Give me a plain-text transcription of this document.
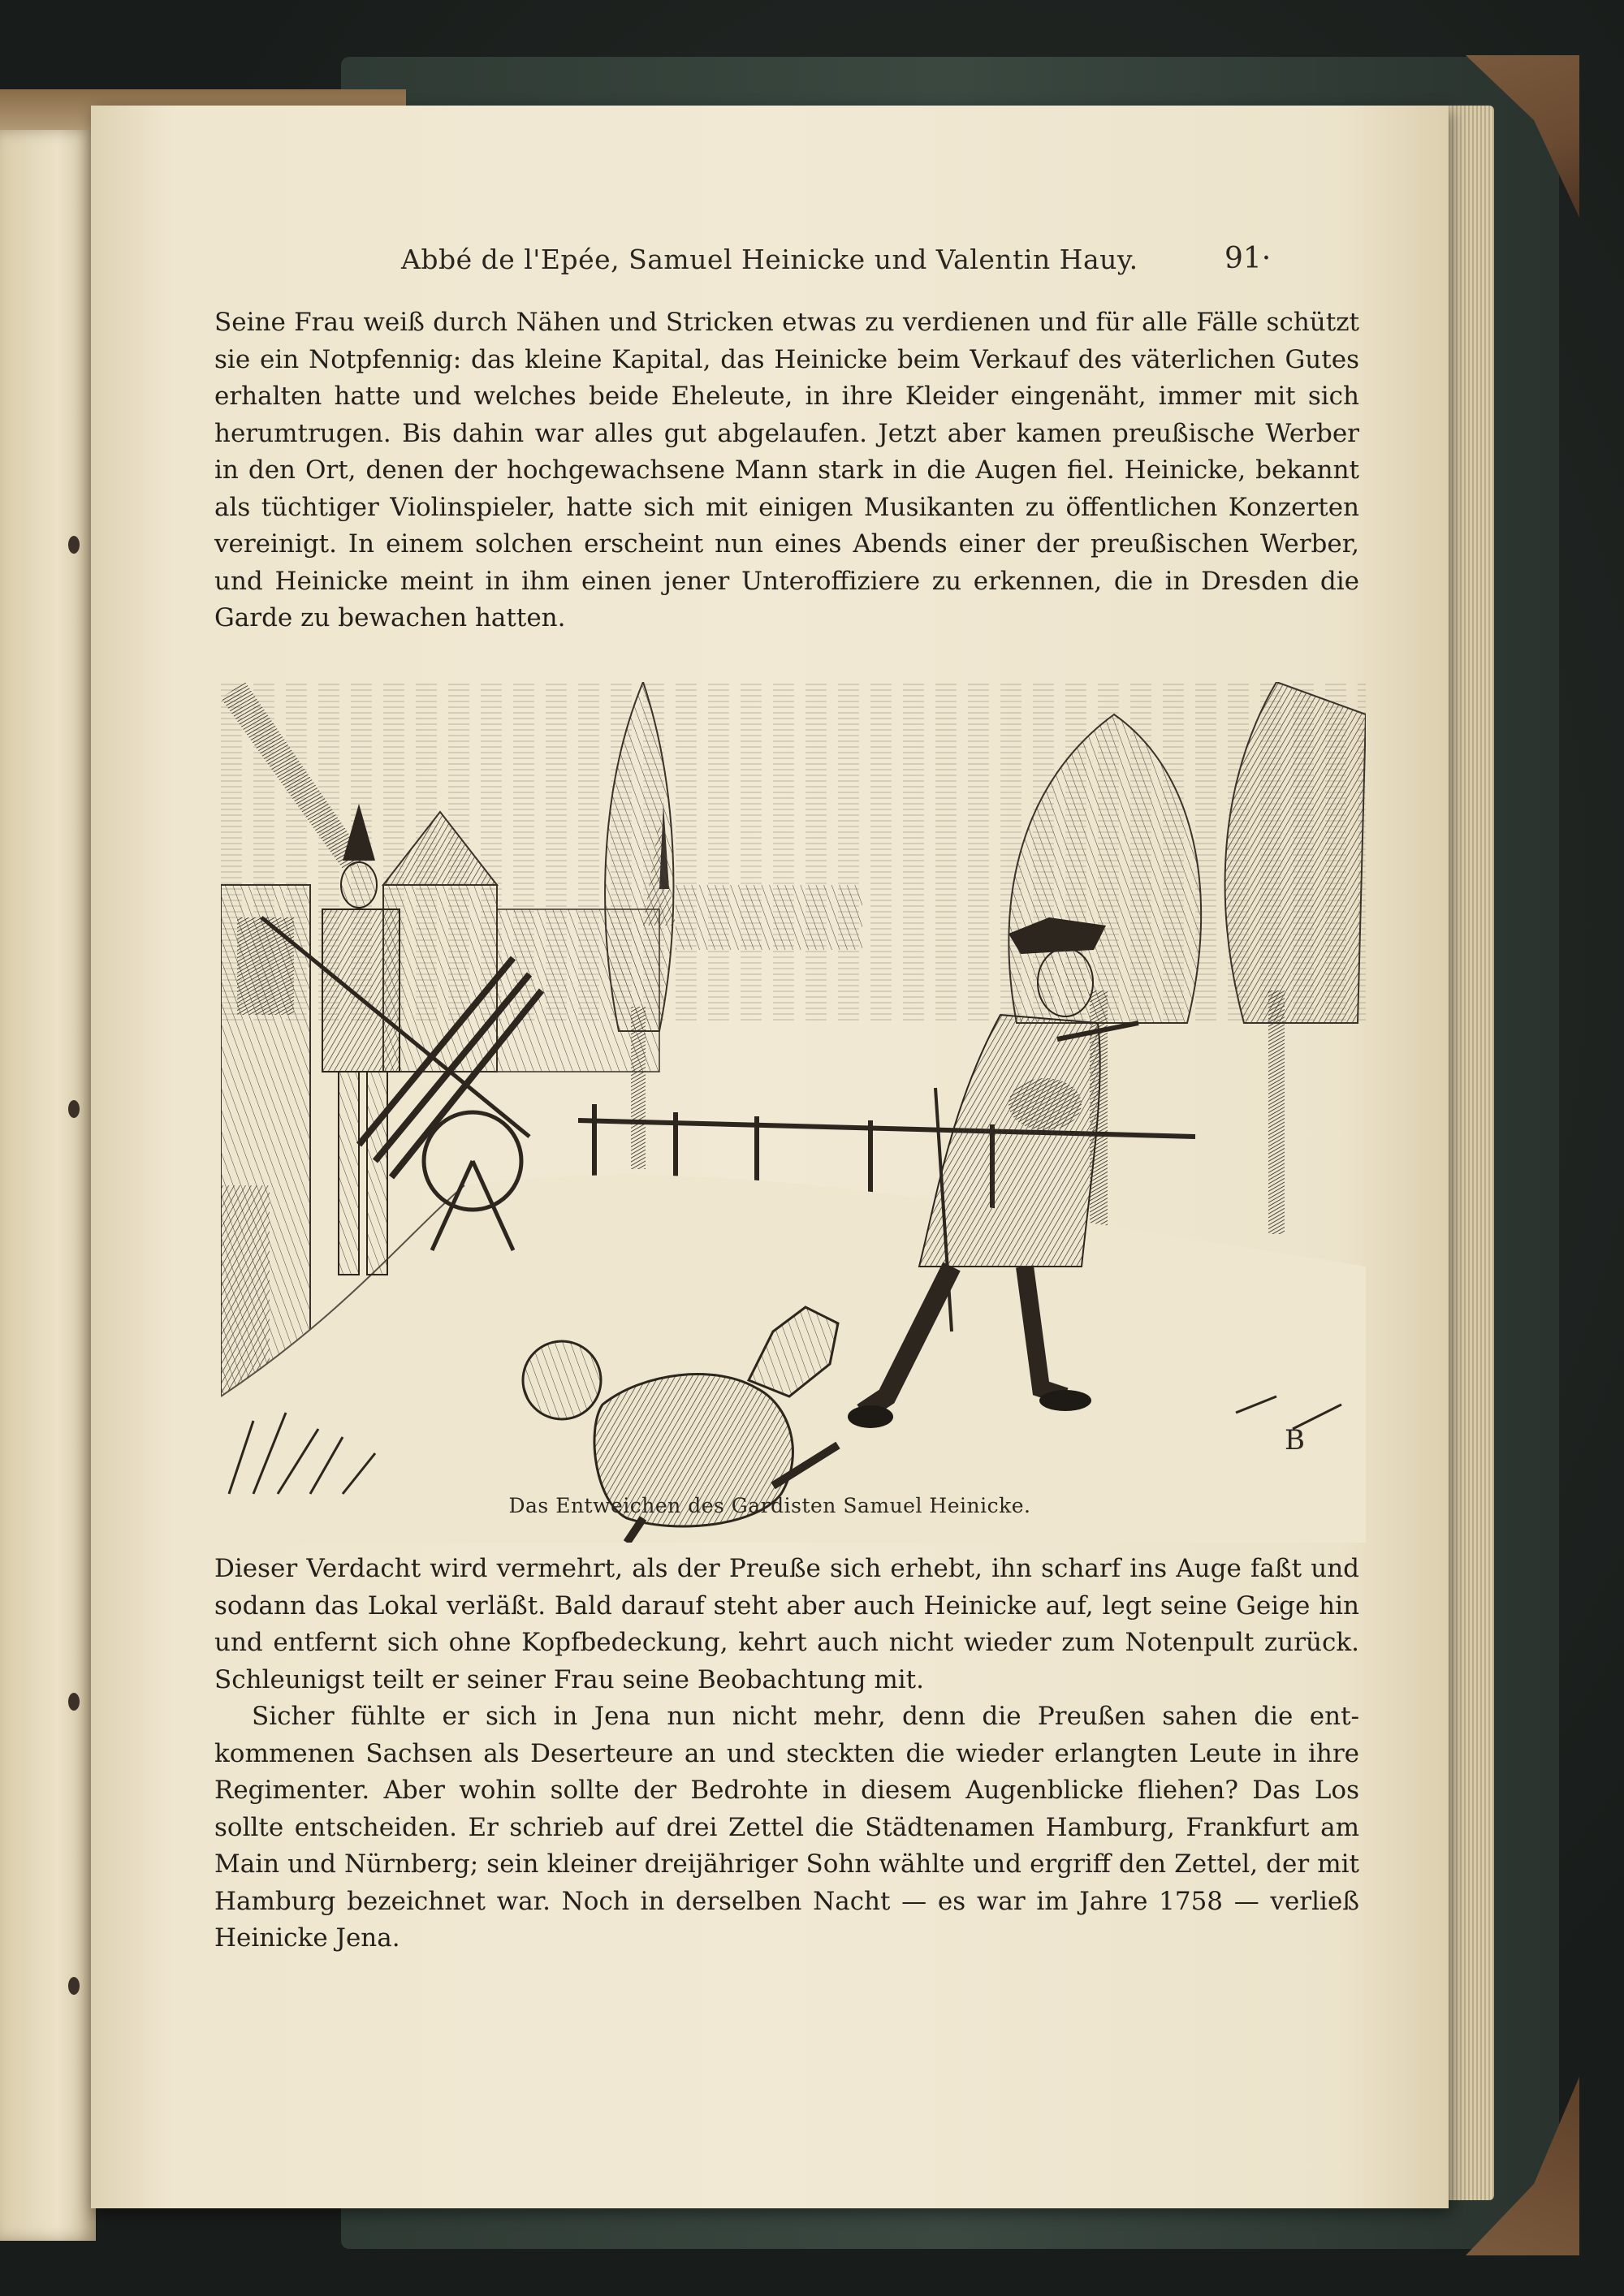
Abbé de l'Epée, Samuel Heinicke und Valentin Hauy.	91·

Seine Frau weiß durch Nähen und Stricken etwas zu verdienen und für alle Fälle schützt sie ein Notpfennig: das kleine Kapital, das Heinicke beim Verkauf des väterlichen Gutes erhalten hatte und welches beide Eheleute, in ihre Kleider eingenäht, immer mit sich herumtrugen. Bis dahin war alles gut abgelaufen. Jetzt aber kamen preußische Werber in den Ort, denen der hochgewachsene Mann stark in die Augen fiel. Heinicke, bekannt als tüchtiger Violinspieler, hatte sich mit einigen Musikanten zu öffentlichen Konzerten vereinigt. In einem solchen erscheint nun eines Abends einer der preußischen Werber, und Heinicke meint in ihm einen jener Unteroffiziere zu erkennen, die in Dresden die Garde zu bewachen hatten.

B
Das Entweichen des Gardisten Samuel Heinicke.

Dieser Verdacht wird vermehrt, als der Preuße sich erhebt, ihn scharf ins Auge faßt und sodann das Lokal verläßt. Bald darauf steht aber auch Heinicke auf, legt seine Geige hin und entfernt sich ohne Kopfbedeckung, kehrt auch nicht wieder zum Notenpult zurück. Schleunigst teilt er seiner Frau seine Beobachtung mit.

Sicher fühlte er sich in Jena nun nicht mehr, denn die Preußen sahen die ent- kommenen Sachsen als Deserteure an und steckten die wieder erlangten Leute in ihre Regimenter. Aber wohin sollte der Bedrohte in diesem Augenblicke fliehen? Das Los sollte entscheiden. Er schrieb auf drei Zettel die Städtenamen Hamburg, Frankfurt am Main und Nürnberg; sein kleiner dreijähriger Sohn wählte und ergriff den Zettel, der mit Hamburg bezeichnet war. Noch in derselben Nacht — es war im Jahre 1758 — verließ Heinicke Jena.
